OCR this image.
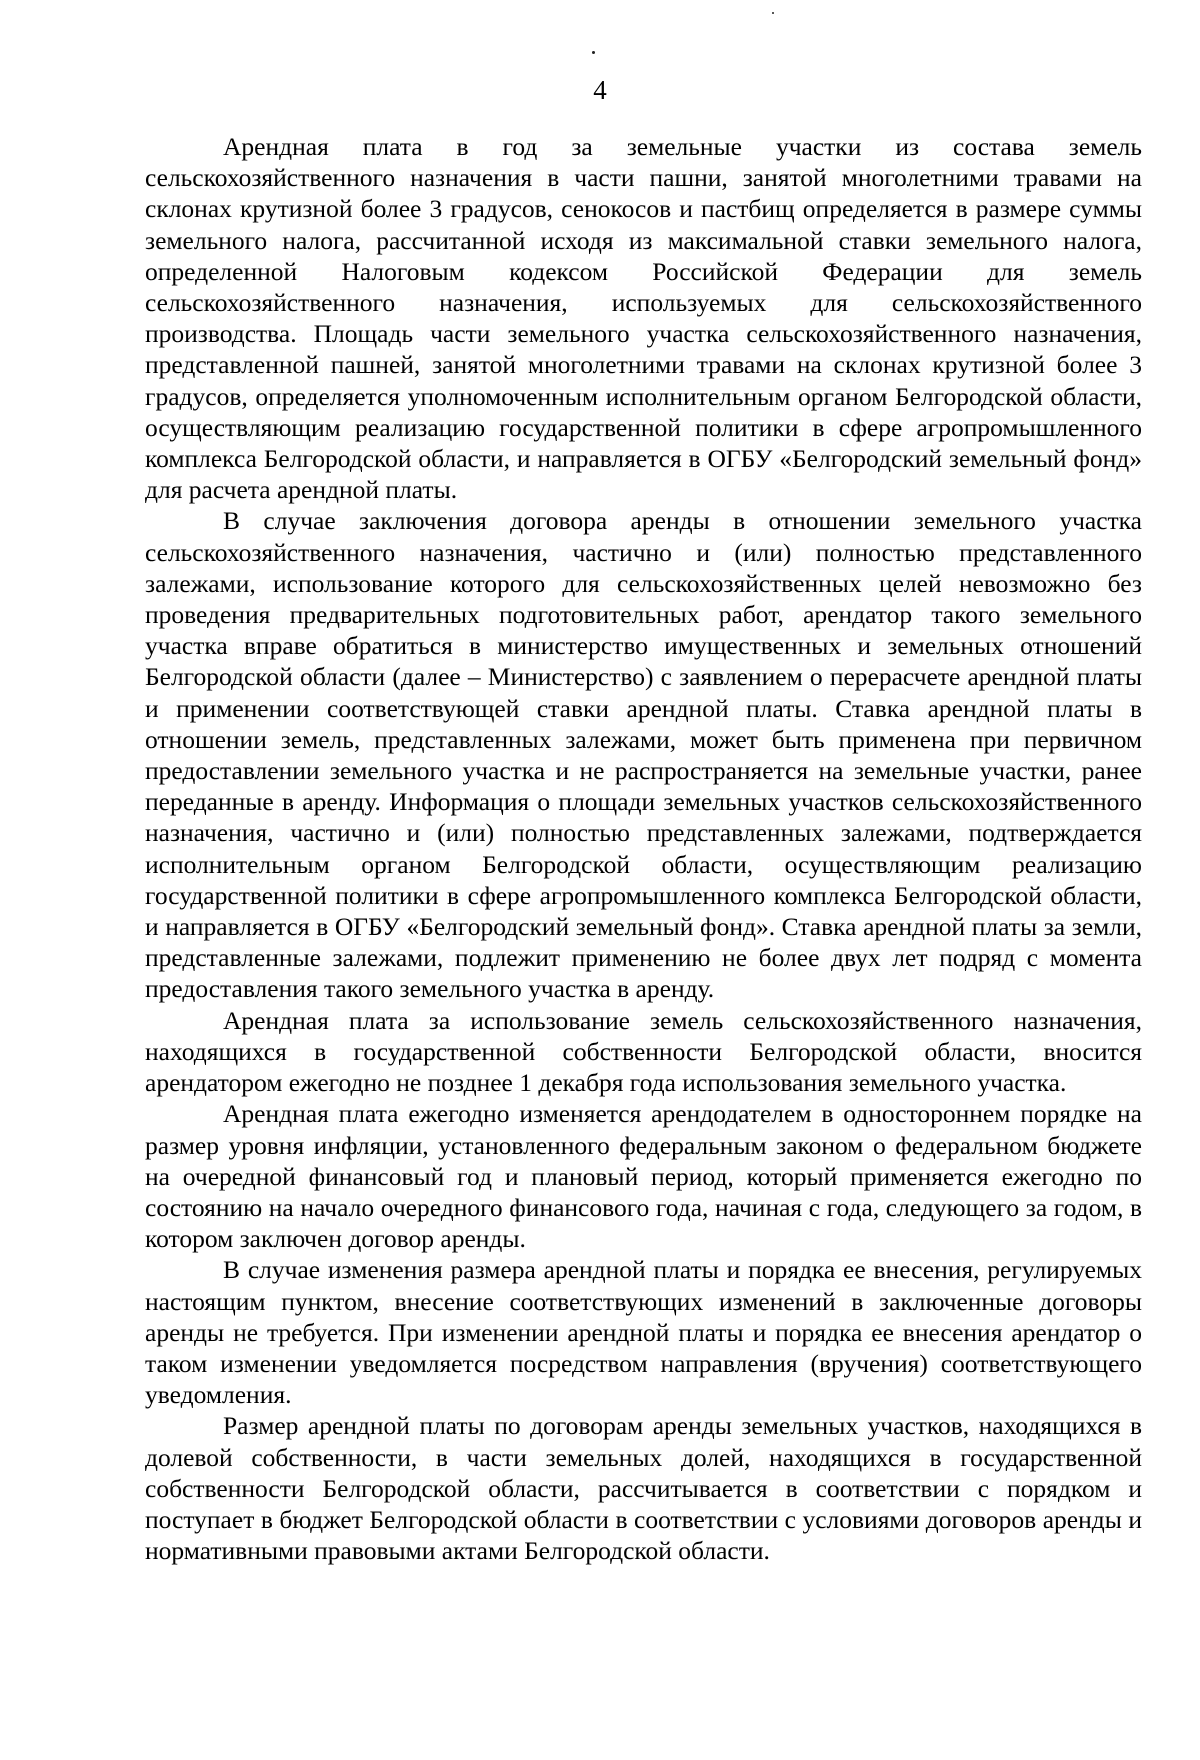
4

Арендная плата в год за земельные участки из состава земель сельскохозяйственного назначения в части пашни, занятой многолетними травами на склонах крутизной более 3 градусов, сенокосов и пастбищ определяется в размере суммы земельного налога, рассчитанной исходя из максимальной ставки земельного налога, определенной Налоговым кодексом Российской Федерации для земель сельскохозяйственного назначения, используемых для сельскохозяйственного производства. Площадь части земельного участка сельскохозяйственного назначения, представленной пашней, занятой многолетними травами на склонах крутизной более 3 градусов, определяется уполномоченным исполнительным органом Белгородской области, осуществляющим реализацию государственной политики в сфере агропромышленного комплекса Белгородской области, и направляется в ОГБУ «Белгородский земельный фонд» для расчета арендной платы.

В случае заключения договора аренды в отношении земельного участка сельскохозяйственного назначения, частично и (или) полностью представленного залежами, использование которого для сельскохозяйственных целей невозможно без проведения предварительных подготовительных работ, арендатор такого земельного участка вправе обратиться в министерство имущественных и земельных отношений Белгородской области (далее – Министерство) с заявлением о перерасчете арендной платы и применении соответствующей ставки арендной платы. Ставка арендной платы в отношении земель, представленных залежами, может быть применена при первичном предоставлении земельного участка и не распространяется на земельные участки, ранее переданные в аренду. Информация о площади земельных участков сельскохозяйственного назначения, частично и (или) полностью представленных залежами, подтверждается исполнительным органом Белгородской области, осуществляющим реализацию государственной политики в сфере агропромышленного комплекса Белгородской области, и направляется в ОГБУ «Белгородский земельный фонд». Ставка арендной платы за земли, представленные залежами, подлежит применению не более двух лет подряд с момента предоставления такого земельного участка в аренду.

Арендная плата за использование земель сельскохозяйственного назначения, находящихся в государственной собственности Белгородской области, вносится арендатором ежегодно не позднее 1 декабря года использования земельного участка.

Арендная плата ежегодно изменяется арендодателем в одностороннем порядке на размер уровня инфляции, установленного федеральным законом о федеральном бюджете на очередной финансовый год и плановый период, который применяется ежегодно по состоянию на начало очередного финансового года, начиная с года, следующего за годом, в котором заключен договор аренды.

В случае изменения размера арендной платы и порядка ее внесения, регулируемых настоящим пунктом, внесение соответствующих изменений в заключенные договоры аренды не требуется. При изменении арендной платы и порядка ее внесения арендатор о таком изменении уведомляется посредством направления (вручения) соответствующего уведомления.

Размер арендной платы по договорам аренды земельных участков, находящихся в долевой собственности, в части земельных долей, находящихся в государственной собственности Белгородской области, рассчитывается в соответствии с порядком и поступает в бюджет Белгородской области в соответствии с условиями договоров аренды и нормативными правовыми актами Белгородской области.
